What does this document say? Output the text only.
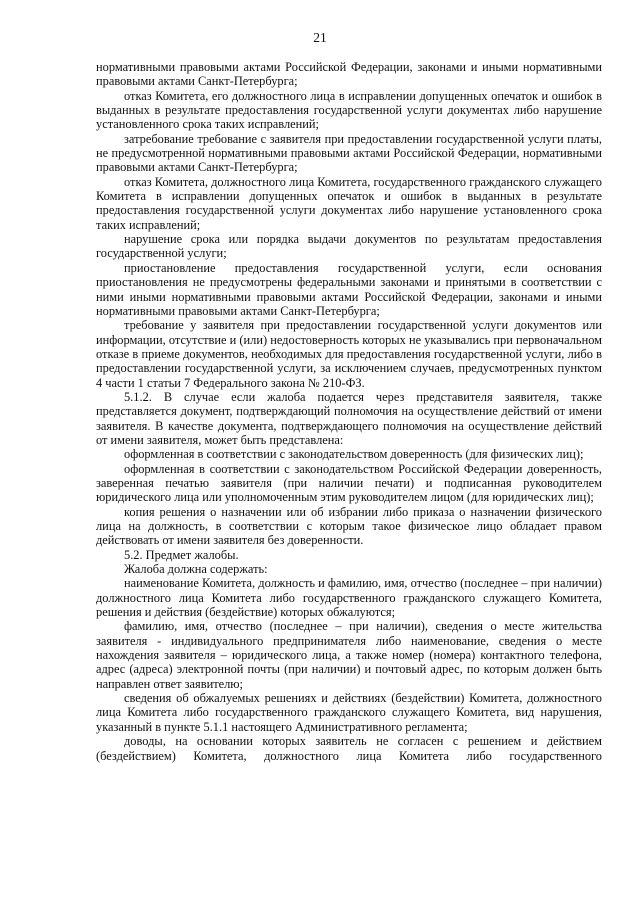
21

нормативными правовыми актами Российской Федерации, законами и иными нормативными правовыми актами Санкт-Петербурга;

отказ Комитета, его должностного лица в исправлении допущенных опечаток и ошибок в выданных в результате предоставления государственной услуги документах либо нарушение установленного срока таких исправлений;

затребование требование с заявителя при предоставлении государственной услуги платы, не предусмотренной нормативными правовыми актами Российской Федерации, нормативными правовыми актами Санкт-Петербурга;

отказ Комитета, должностного лица Комитета, государственного гражданского служащего Комитета в исправлении допущенных опечаток и ошибок в выданных в результате предоставления государственной услуги документах либо нарушение установленного срока таких исправлений;

нарушение срока или порядка выдачи документов по результатам предоставления государственной услуги;

приостановление предоставления государственной услуги, если основания приостановления не предусмотрены федеральными законами и принятыми в соответствии с ними иными нормативными правовыми актами Российской Федерации, законами и иными нормативными правовыми актами Санкт-Петербурга;

требование у заявителя при предоставлении государственной услуги документов или информации, отсутствие и (или) недостоверность которых не указывались при первоначальном отказе в приеме документов, необходимых для предоставления государственной услуги, либо в предоставлении государственной услуги, за исключением случаев, предусмотренных пунктом 4 части 1 статьи 7 Федерального закона № 210-ФЗ.

5.1.2. В случае если жалоба подается через представителя заявителя, также представляется документ, подтверждающий полномочия на осуществление действий от имени заявителя. В качестве документа, подтверждающего полномочия на осуществление действий от имени заявителя, может быть представлена:

оформленная в соответствии с законодательством доверенность (для физических лиц);

оформленная в соответствии с законодательством Российской Федерации доверенность, заверенная печатью заявителя (при наличии печати) и подписанная руководителем юридического лица или уполномоченным этим руководителем лицом (для юридических лиц);

копия решения о назначении или об избрании либо приказа о назначении физического лица на должность, в соответствии с которым такое физическое лицо обладает правом действовать от имени заявителя без доверенности.

5.2. Предмет жалобы.

Жалоба должна содержать:

наименование Комитета, должность и фамилию, имя, отчество (последнее – при наличии) должностного лица Комитета либо государственного гражданского служащего Комитета, решения и действия (бездействие) которых обжалуются;

фамилию, имя, отчество (последнее – при наличии), сведения о месте жительства заявителя - индивидуального предпринимателя либо наименование, сведения о месте нахождения заявителя – юридического лица, а также номер (номера) контактного телефона, адрес (адреса) электронной почты (при наличии) и почтовый адрес, по которым должен быть направлен ответ заявителю;

сведения об обжалуемых решениях и действиях (бездействии) Комитета, должностного лица Комитета либо государственного гражданского служащего Комитета, вид нарушения, указанный в пункте 5.1.1 настоящего Административного регламента;

доводы, на основании которых заявитель не согласен с решением и действием (бездействием) Комитета, должностного лица Комитета либо государственного
